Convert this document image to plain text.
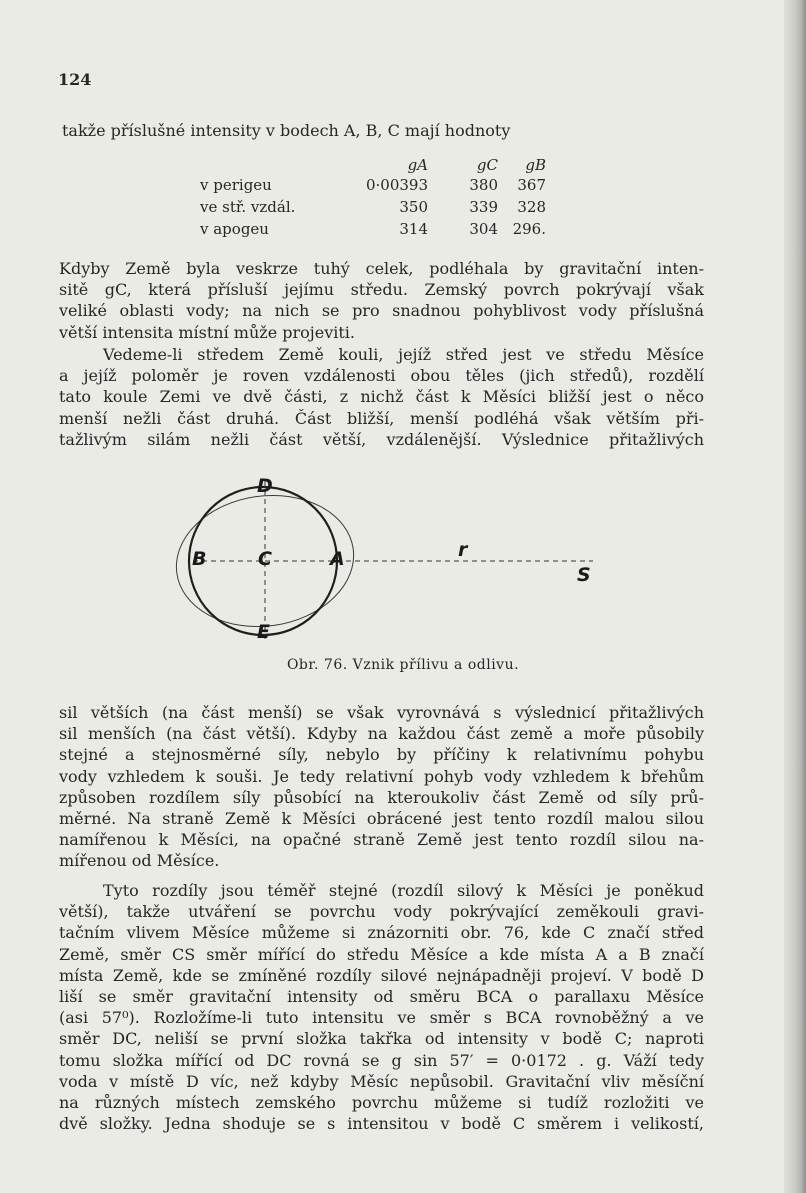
124
takže příslušné intensity v bodech A, B, C mají hodnoty
gA	gC	gB
v perigeu	0·00393	380	367
ve stř. vzdál.	350	339	328
v apogeu	314	304 296.
Kdyby Země byla veskrze tuhý celek, podléhala by gravitační inten-
sitě gC, která přísluší jejímu středu. Zemský povrch pokrývají však
veliké oblasti vody; na nich se pro snadnou pohyblivost vody příslušná
větší intensita místní může projeviti.
Vedeme-li středem Země kouli, jejíž střed jest ve středu Měsíce
a jejíž poloměr je roven vzdálenosti obou těles (jich středů), rozdělí
tato koule Zemi ve dvě části, z nichž část k Měsíci bližší jest o něco
menší nežli část druhá. Část bližší, menší podléhá však větším při-
tažlivým silám nežli část větší, vzdálenější. Výslednice přitažlivých
D
B	C	A
E
r
S
Obr. 76. Vznik přílivu a odlivu.
sil větších (na část menší) se však vyrovnává s výslednicí přitažlivých
sil menších (na část větší). Kdyby na každou část země a moře působily
stejné a stejnosměrné síly, nebylo by příčiny k relativnímu pohybu
vody vzhledem k souši. Je tedy relativní pohyb vody vzhledem k břehům
způsoben rozdílem síly působící na kteroukoliv část Země od síly prů-
měrné. Na straně Země k Měsíci obrácené jest tento rozdíl malou silou
namířenou k Měsíci, na opačné straně Země jest tento rozdíl silou na-
mířenou od Měsíce.
Tyto rozdíly jsou téměř stejné (rozdíl silový k Měsíci je poněkud
větší), takže utváření se povrchu vody pokrývající zeměkouli gravi-
tačním vlivem Měsíce můžeme si znázorniti obr. 76, kde C značí střed
Země, směr CS směr mířící do středu Měsíce a kde místa A a B značí
místa Země, kde se zmíněné rozdíly silové nejnápadněji projeví. V bodě D
liší se směr gravitační intensity od směru BCA o parallaxu Měsíce
(asi 57⁰). Rozložíme-li tuto intensitu ve směr s BCA rovnoběžný a ve
směr DC, neliší se první složka takřka od intensity v bodě C; naproti
tomu složka mířící od DC rovná se g sin 57′ = 0·0172 . g. Váží tedy
voda v místě D víc, než kdyby Měsíc nepůsobil. Gravitační vliv měsíční
na různých místech zemského povrchu můžeme si tudíž rozložiti ve
dvě složky. Jedna shoduje se s intensitou v bodě C směrem i velikostí,
